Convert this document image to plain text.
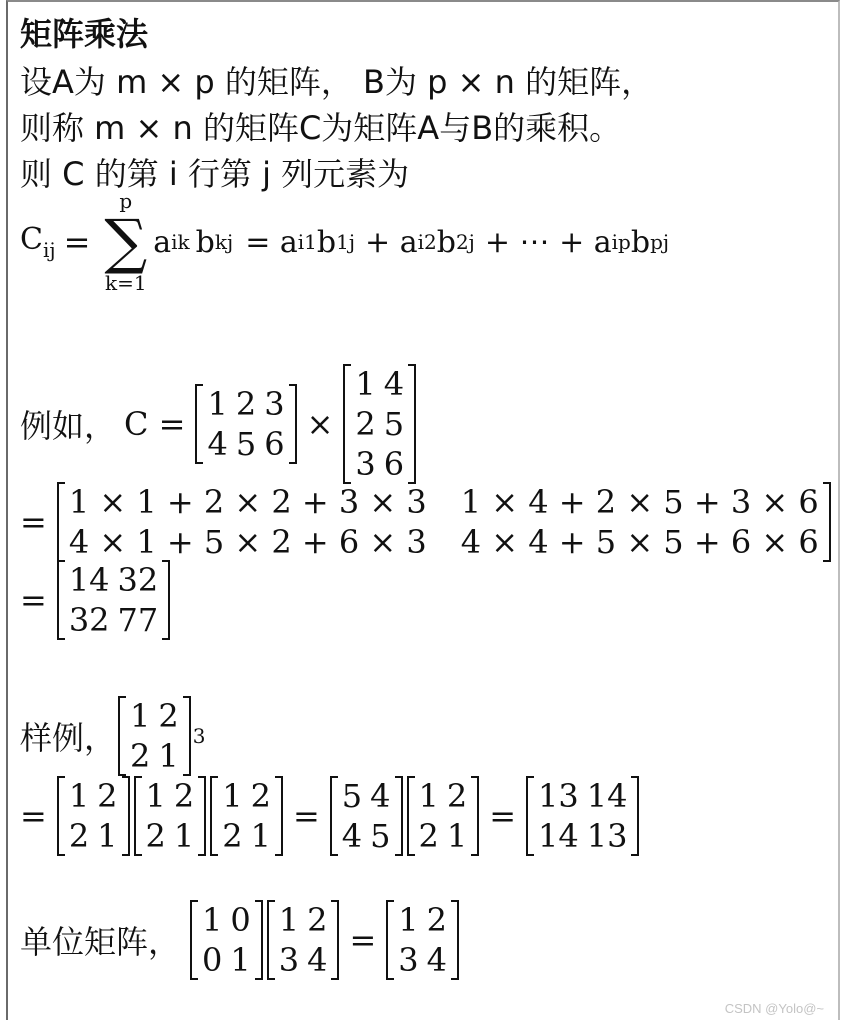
矩阵乘法
设A为 m × p 的矩阵， B为 p × n 的矩阵，
则称 m × n 的矩阵C为矩阵A与B的乘积。
则 C 的第 i 行第 j 列元素为
$C_{ij}$ =
p
∑
k=1
a ik b kj = a i1 b 1j + a i2 b 2j + ⋯ + a ip b pj
例如， C =
1	2	3
4	5	6
×
1	4
2	5
3	6
=
1 × 1 + 2 × 2 + 3 × 3	1 × 4 + 2 × 5 + 3 × 6
4 × 1 + 5 × 2 + 6 × 3	4 × 4 + 5 × 5 + 6 × 6
=
14	32
32	77
样例，
1	2
2	1
3
=
1	2
2	1
1	2
2	1
1	2
2	1
=
5	4
4	5
1	2
2	1
=
13	14
14	13
单位矩阵，
1	0
0	1
1	2
3	4
=
1	2
3	4
CSDN @Yolo@~
